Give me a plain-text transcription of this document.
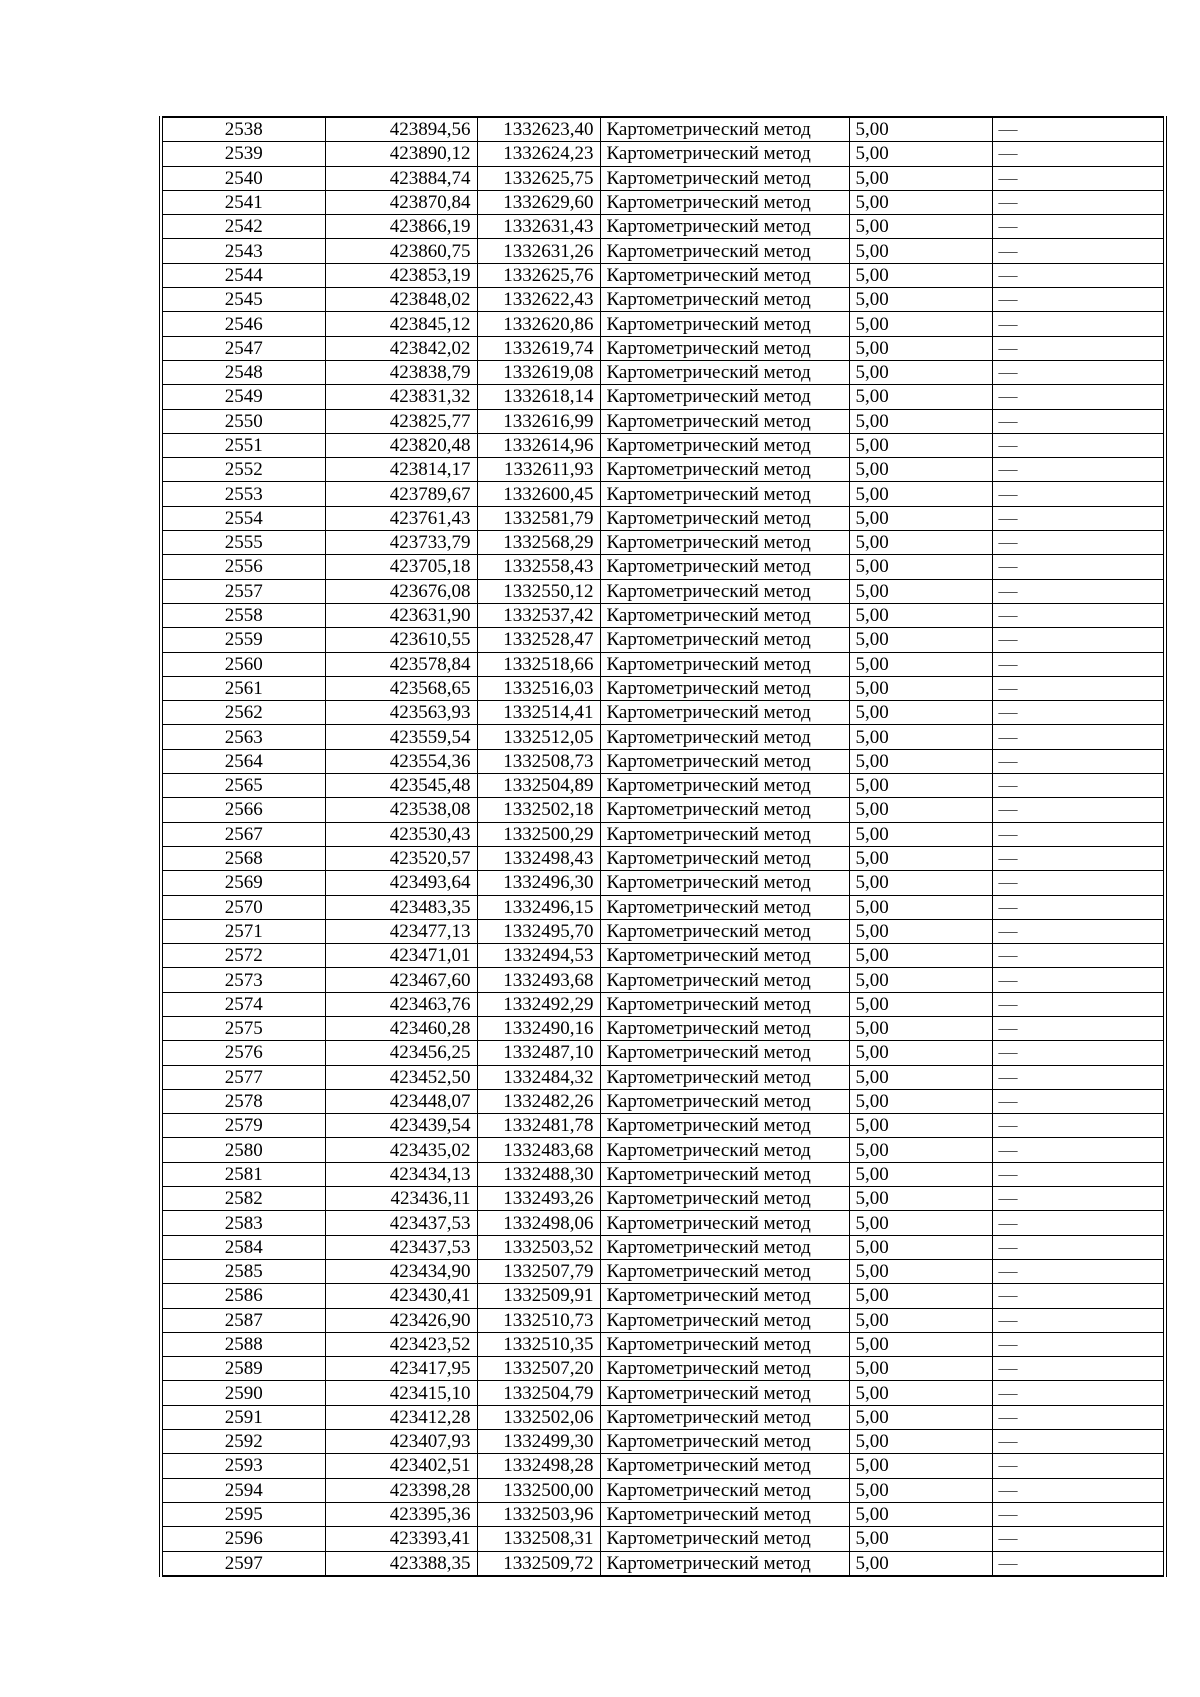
2538	423894,56	1332623,40	Картометрический метод	5,00	—
2539	423890,12	1332624,23	Картометрический метод	5,00	—
2540	423884,74	1332625,75	Картометрический метод	5,00	—
2541	423870,84	1332629,60	Картометрический метод	5,00	—
2542	423866,19	1332631,43	Картометрический метод	5,00	—
2543	423860,75	1332631,26	Картометрический метод	5,00	—
2544	423853,19	1332625,76	Картометрический метод	5,00	—
2545	423848,02	1332622,43	Картометрический метод	5,00	—
2546	423845,12	1332620,86	Картометрический метод	5,00	—
2547	423842,02	1332619,74	Картометрический метод	5,00	—
2548	423838,79	1332619,08	Картометрический метод	5,00	—
2549	423831,32	1332618,14	Картометрический метод	5,00	—
2550	423825,77	1332616,99	Картометрический метод	5,00	—
2551	423820,48	1332614,96	Картометрический метод	5,00	—
2552	423814,17	1332611,93	Картометрический метод	5,00	—
2553	423789,67	1332600,45	Картометрический метод	5,00	—
2554	423761,43	1332581,79	Картометрический метод	5,00	—
2555	423733,79	1332568,29	Картометрический метод	5,00	—
2556	423705,18	1332558,43	Картометрический метод	5,00	—
2557	423676,08	1332550,12	Картометрический метод	5,00	—
2558	423631,90	1332537,42	Картометрический метод	5,00	—
2559	423610,55	1332528,47	Картометрический метод	5,00	—
2560	423578,84	1332518,66	Картометрический метод	5,00	—
2561	423568,65	1332516,03	Картометрический метод	5,00	—
2562	423563,93	1332514,41	Картометрический метод	5,00	—
2563	423559,54	1332512,05	Картометрический метод	5,00	—
2564	423554,36	1332508,73	Картометрический метод	5,00	—
2565	423545,48	1332504,89	Картометрический метод	5,00	—
2566	423538,08	1332502,18	Картометрический метод	5,00	—
2567	423530,43	1332500,29	Картометрический метод	5,00	—
2568	423520,57	1332498,43	Картометрический метод	5,00	—
2569	423493,64	1332496,30	Картометрический метод	5,00	—
2570	423483,35	1332496,15	Картометрический метод	5,00	—
2571	423477,13	1332495,70	Картометрический метод	5,00	—
2572	423471,01	1332494,53	Картометрический метод	5,00	—
2573	423467,60	1332493,68	Картометрический метод	5,00	—
2574	423463,76	1332492,29	Картометрический метод	5,00	—
2575	423460,28	1332490,16	Картометрический метод	5,00	—
2576	423456,25	1332487,10	Картометрический метод	5,00	—
2577	423452,50	1332484,32	Картометрический метод	5,00	—
2578	423448,07	1332482,26	Картометрический метод	5,00	—
2579	423439,54	1332481,78	Картометрический метод	5,00	—
2580	423435,02	1332483,68	Картометрический метод	5,00	—
2581	423434,13	1332488,30	Картометрический метод	5,00	—
2582	423436,11	1332493,26	Картометрический метод	5,00	—
2583	423437,53	1332498,06	Картометрический метод	5,00	—
2584	423437,53	1332503,52	Картометрический метод	5,00	—
2585	423434,90	1332507,79	Картометрический метод	5,00	—
2586	423430,41	1332509,91	Картометрический метод	5,00	—
2587	423426,90	1332510,73	Картометрический метод	5,00	—
2588	423423,52	1332510,35	Картометрический метод	5,00	—
2589	423417,95	1332507,20	Картометрический метод	5,00	—
2590	423415,10	1332504,79	Картометрический метод	5,00	—
2591	423412,28	1332502,06	Картометрический метод	5,00	—
2592	423407,93	1332499,30	Картометрический метод	5,00	—
2593	423402,51	1332498,28	Картометрический метод	5,00	—
2594	423398,28	1332500,00	Картометрический метод	5,00	—
2595	423395,36	1332503,96	Картометрический метод	5,00	—
2596	423393,41	1332508,31	Картометрический метод	5,00	—
2597	423388,35	1332509,72	Картометрический метод	5,00	—
